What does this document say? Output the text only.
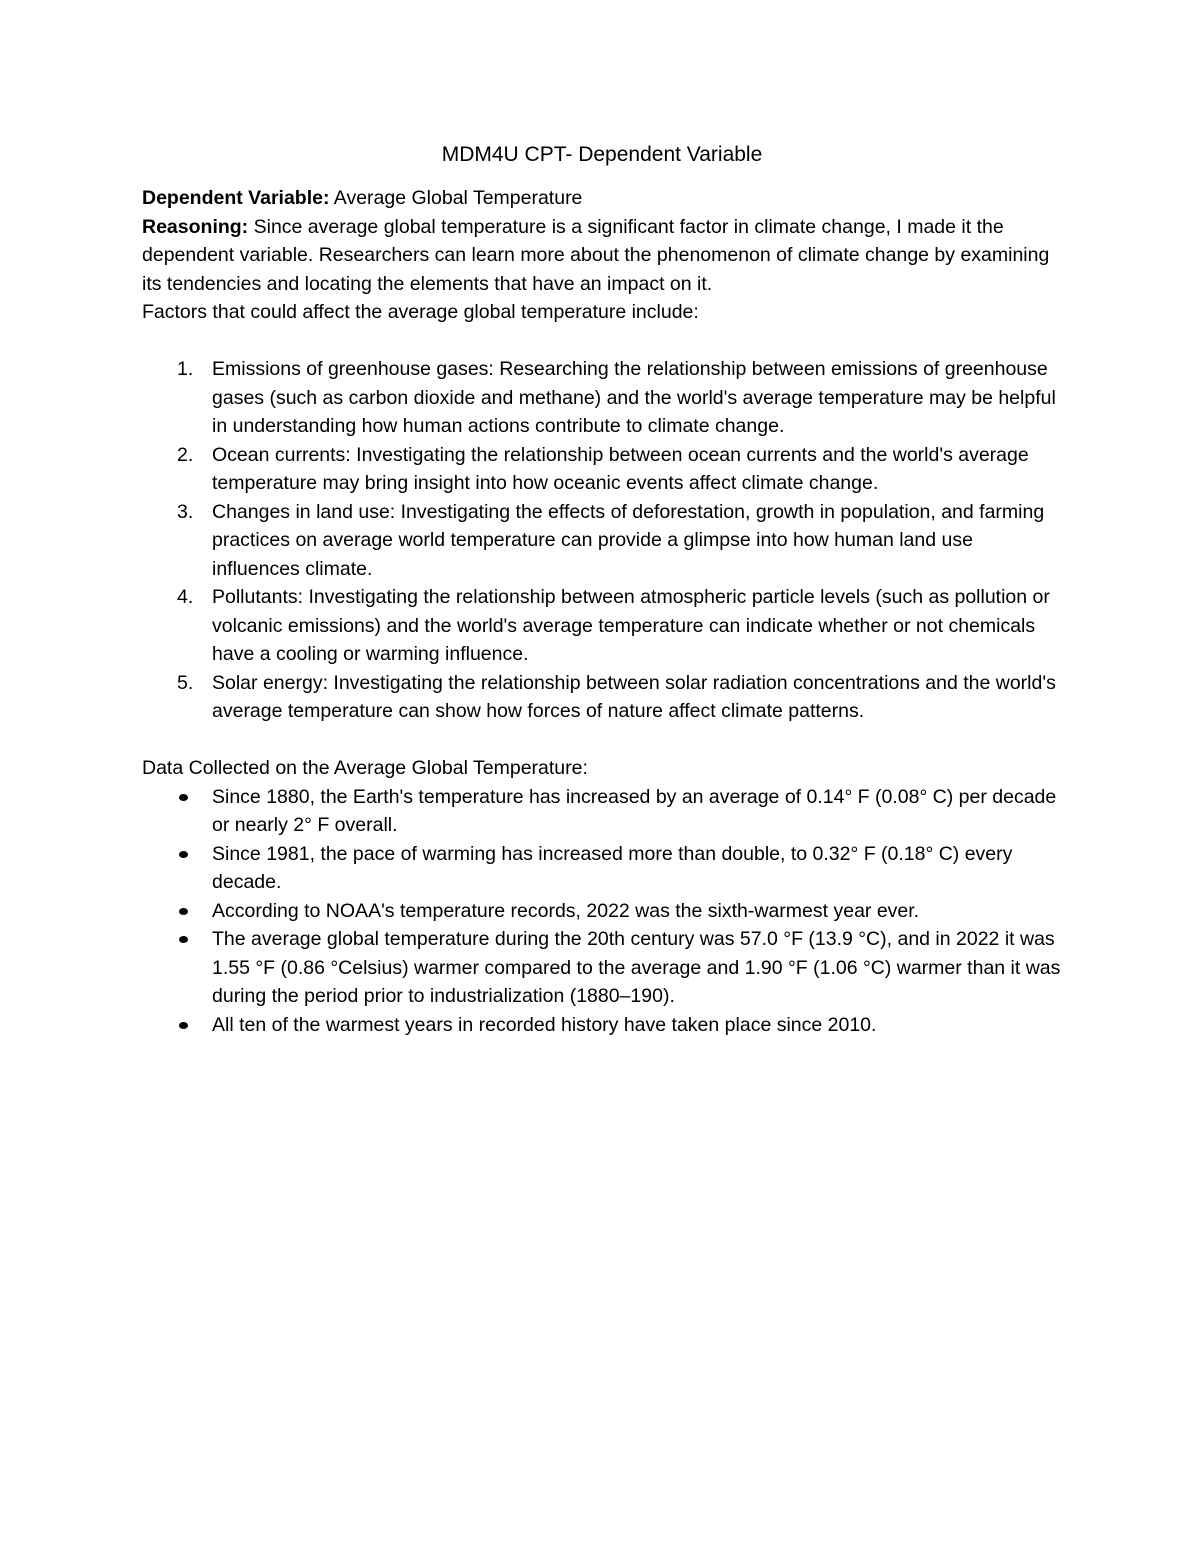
MDM4U CPT- Dependent Variable

Dependent Variable: Average Global Temperature

Reasoning: Since average global temperature is a significant factor in climate change, I made it the dependent variable. Researchers can learn more about the phenomenon of climate change by examining its tendencies and locating the elements that have an impact on it.

Factors that could affect the average global temperature include:

1. Emissions of greenhouse gases: Researching the relationship between emissions of greenhouse gases (such as carbon dioxide and methane) and the world's average temperature may be helpful in understanding how human actions contribute to climate change.
2. Ocean currents: Investigating the relationship between ocean currents and the world's average temperature may bring insight into how oceanic events affect climate change.
3. Changes in land use: Investigating the effects of deforestation, growth in population, and farming practices on average world temperature can provide a glimpse into how human land use influences climate.
4. Pollutants: Investigating the relationship between atmospheric particle levels (such as pollution or volcanic emissions) and the world's average temperature can indicate whether or not chemicals have a cooling or warming influence.
5. Solar energy: Investigating the relationship between solar radiation concentrations and the world's average temperature can show how forces of nature affect climate patterns.

Data Collected on the Average Global Temperature:

Since 1880, the Earth's temperature has increased by an average of 0.14° F (0.08° C) per decade or nearly 2° F overall.
Since 1981, the pace of warming has increased more than double, to 0.32° F (0.18° C) every decade.
According to NOAA's temperature records, 2022 was the sixth-warmest year ever.
The average global temperature during the 20th century was 57.0 °F (13.9 °C), and in 2022 it was 1.55 °F (0.86 °Celsius) warmer compared to the average and 1.90 °F (1.06 °C) warmer than it was during the period prior to industrialization (1880–190).
All ten of the warmest years in recorded history have taken place since 2010.
